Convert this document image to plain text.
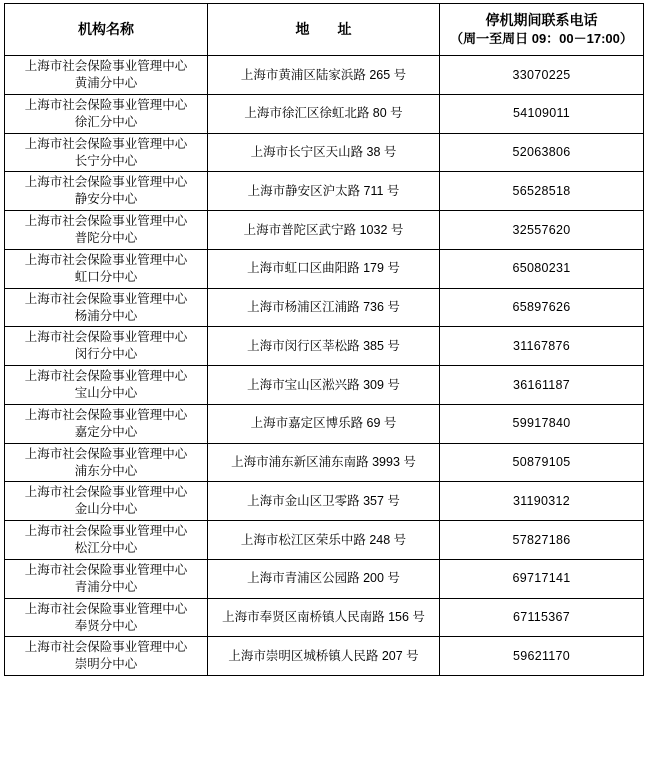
机构名称	地　　址	停机期间联系电话
（周一至周日 09：00－17:00）

上海市社会保险事业管理中心
黄浦分中心	上海市黄浦区陆家浜路 265 号	33070225

上海市社会保险事业管理中心
徐汇分中心	上海市徐汇区徐虹北路 80 号	54109011

上海市社会保险事业管理中心
长宁分中心	上海市长宁区天山路 38 号	52063806

上海市社会保险事业管理中心
静安分中心	上海市静安区沪太路 711 号	56528518

上海市社会保险事业管理中心
普陀分中心	上海市普陀区武宁路 1032 号	32557620

上海市社会保险事业管理中心
虹口分中心	上海市虹口区曲阳路 179 号	65080231

上海市社会保险事业管理中心
杨浦分中心	上海市杨浦区江浦路 736 号	65897626

上海市社会保险事业管理中心
闵行分中心	上海市闵行区莘松路 385 号	31167876

上海市社会保险事业管理中心
宝山分中心	上海市宝山区淞兴路 309 号	36161187

上海市社会保险事业管理中心
嘉定分中心	上海市嘉定区博乐路 69 号	59917840

上海市社会保险事业管理中心
浦东分中心	上海市浦东新区浦东南路 3993 号	50879105

上海市社会保险事业管理中心
金山分中心	上海市金山区卫零路 357 号	31190312

上海市社会保险事业管理中心
松江分中心	上海市松江区荣乐中路 248 号	57827186

上海市社会保险事业管理中心
青浦分中心	上海市青浦区公园路 200 号	69717141

上海市社会保险事业管理中心
奉贤分中心	上海市奉贤区南桥镇人民南路 156 号	67115367

上海市社会保险事业管理中心
崇明分中心	上海市崇明区城桥镇人民路 207 号	59621170
